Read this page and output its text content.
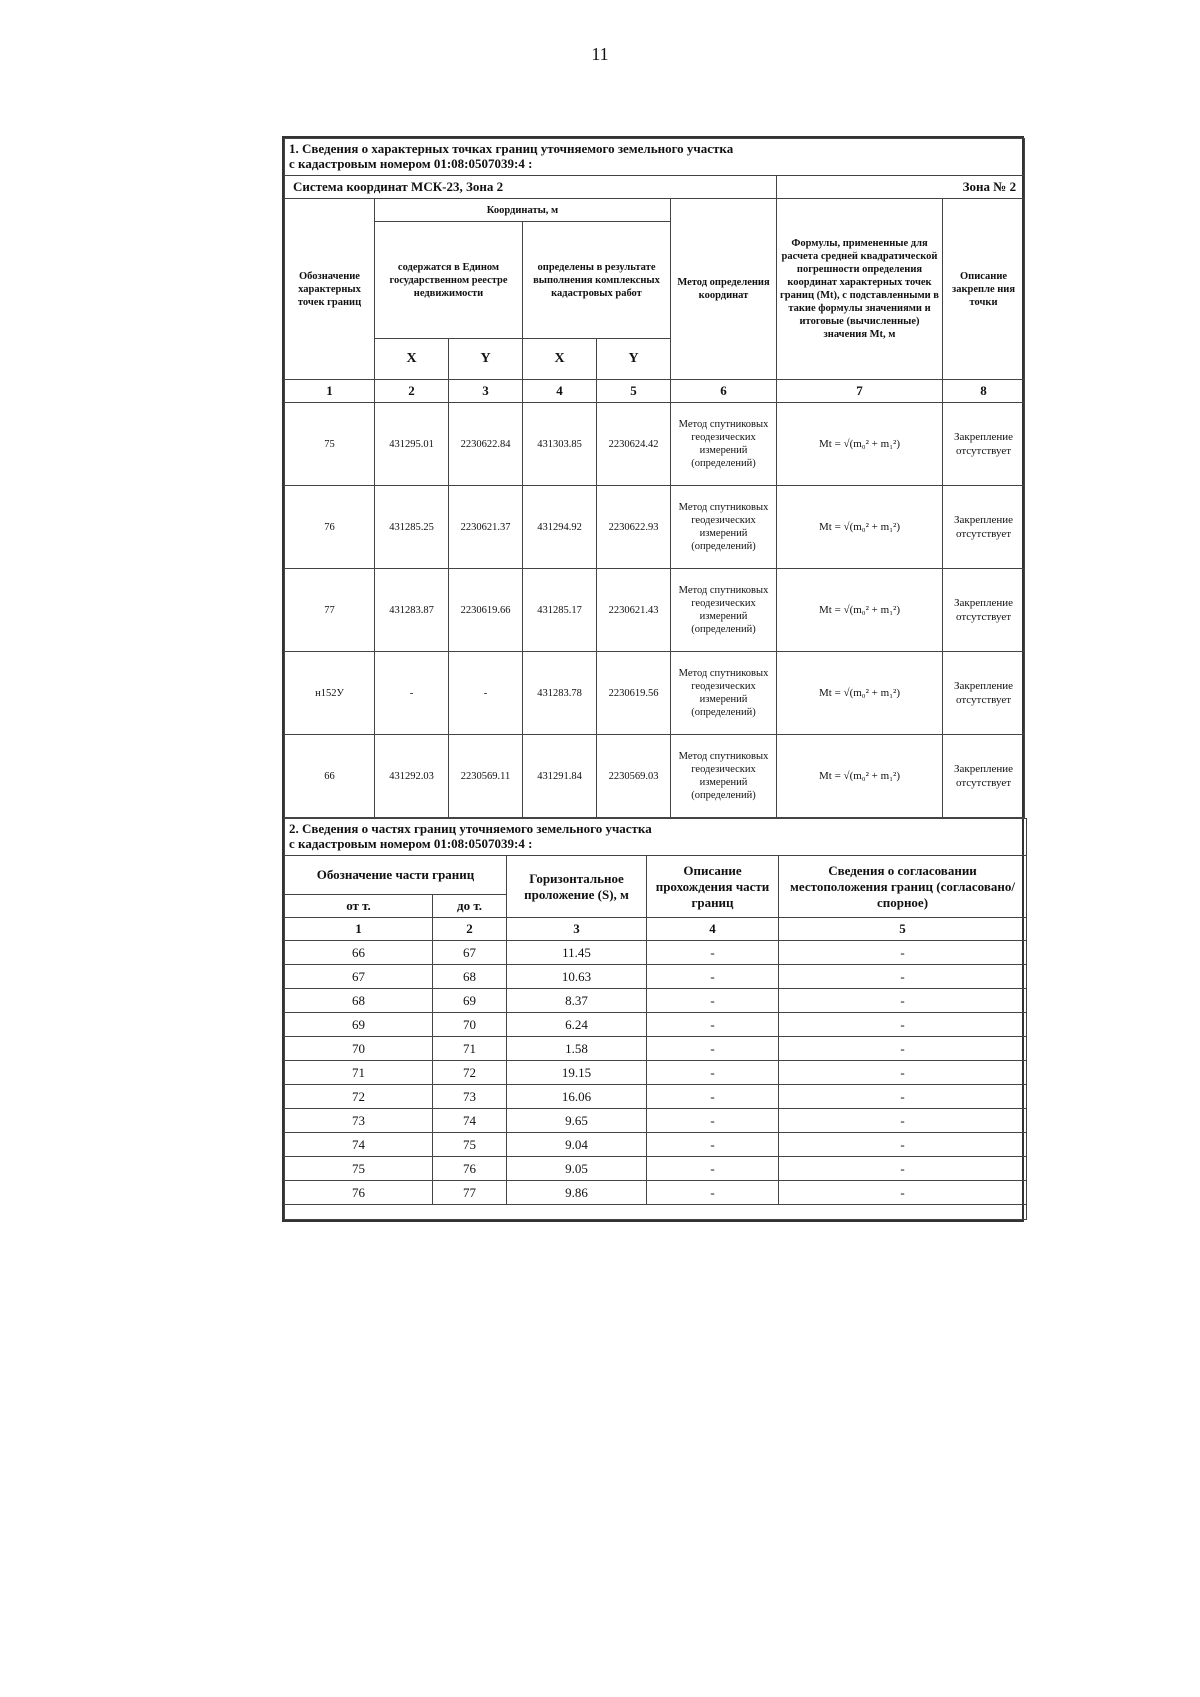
11
1. Сведения о характерных точках границ уточняемого земельного участка
с кадастровым номером 01:08:0507039:4 :							

Система координат МСК-23, Зона 2						Зона № 2	
Обозначение характерных точек границ	Координаты, м				Метод определения координат	Формулы, примененные для расчета средней квадратической погрешности определения координат характерных точек границ (Mt), с подставленными в такие формулы значениями и итоговые (вычисленные) значения Mt, м	Описание закрепле ния точки
	содержатся в Едином государственном реестре недвижимости		определены в результате выполнения комплексных кадастровых работ				
	X	Y	X	Y			
1	2	3	4	5	6	7	8
75	431295.01	2230622.84	431303.85	2230624.42	Метод спутниковых геодезических измерений (определений)	Mt = √(m₀² + m₁²)	Закрепление отсутствует
76	431285.25	2230621.37	431294.92	2230622.93	Метод спутниковых геодезических измерений (определений)	Mt = √(m₀² + m₁²)	Закрепление отсутствует
77	431283.87	2230619.66	431285.17	2230621.43	Метод спутниковых геодезических измерений (определений)	Mt = √(m₀² + m₁²)	Закрепление отсутствует
н152У	-	-	431283.78	2230619.56	Метод спутниковых геодезических измерений (определений)	Mt = √(m₀² + m₁²)	Закрепление отсутствует
66	431292.03	2230569.11	431291.84	2230569.03	Метод спутниковых геодезических измерений (определений)	Mt = √(m₀² + m₁²)	Закрепление отсутствует
2. Сведения о частях границ уточняемого земельного участка
с кадастровым номером 01:08:0507039:4 :				

Обозначение части границ		Горизонтальное проложение (S), м	Описание прохождения части границ	Сведения о согласовании местоположения границ (согласовано/спорное)
от т.	до т.			
1	2	3	4	5
66	67	11.45	-	-
67	68	10.63	-	-
68	69	8.37	-	-
69	70	6.24	-	-
70	71	1.58	-	-
71	72	19.15	-	-
72	73	16.06	-	-
73	74	9.65	-	-
74	75	9.04	-	-
75	76	9.05	-	-
76	77	9.86	-	-
